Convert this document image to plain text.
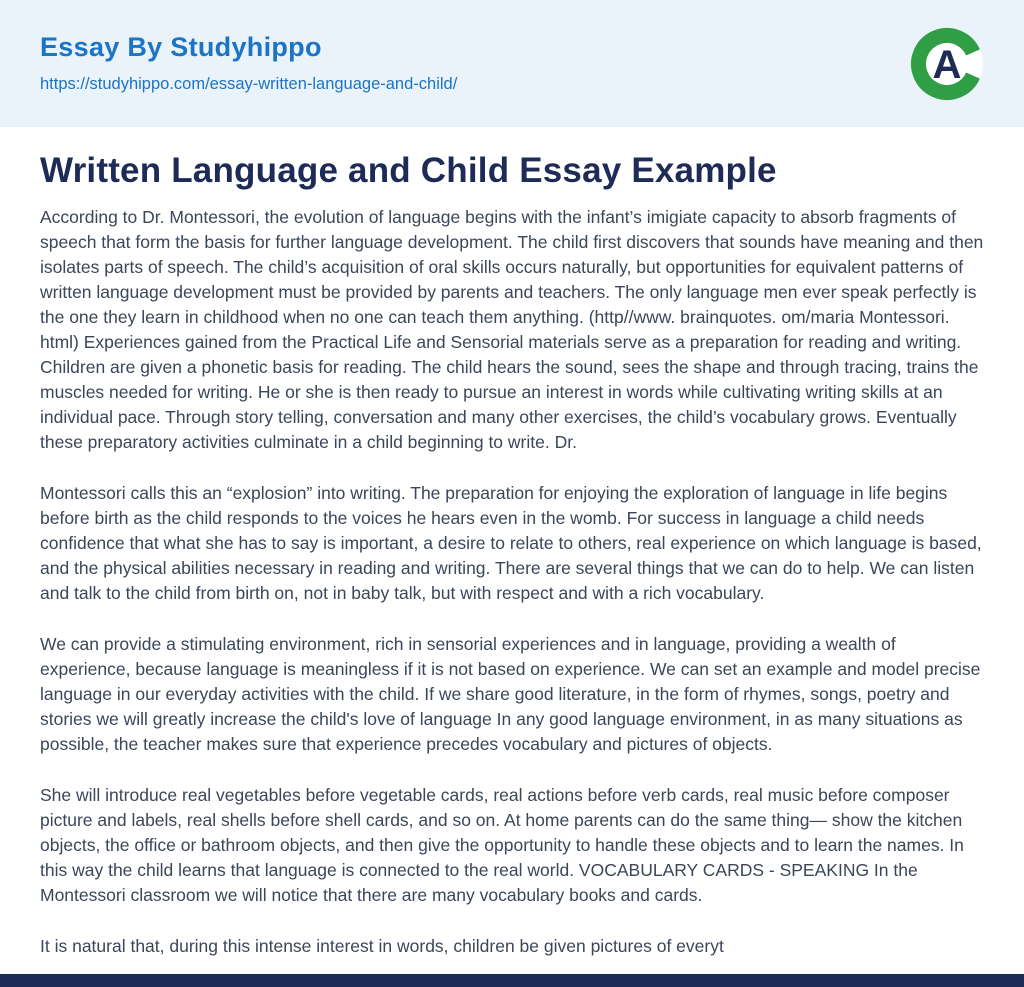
Essay By Studyhippo
https://studyhippo.com/essay-written-language-and-child/	A
Written Language and Child Essay Example

According to Dr. Montessori, the evolution of language begins with the infant’s imigiate capacity to absorb fragments of speech that form the basis for further language development. The child first discovers that sounds have meaning and then isolates parts of speech. The child’s acquisition of oral skills occurs naturally, but opportunities for equivalent patterns of written language development must be provided by parents and teachers. The only language men ever speak perfectly is the one they learn in childhood when no one can teach them anything. (http//www. brainquotes. om/maria Montessori. html) Experiences gained from the Practical Life and Sensorial materials serve as a preparation for reading and writing. Children are given a phonetic basis for reading. The child hears the sound, sees the shape and through tracing, trains the muscles needed for writing. He or she is then ready to pursue an interest in words while cultivating writing skills at an individual pace. Through story telling, conversation and many other exercises, the child’s vocabulary grows. Eventually these preparatory activities culminate in a child beginning to write. Dr.

Montessori calls this an “explosion” into writing. The preparation for enjoying the exploration of language in life begins before birth as the child responds to the voices he hears even in the womb. For success in language a child needs confidence that what she has to say is important, a desire to relate to others, real experience on which language is based, and the physical abilities necessary in reading and writing. There are several things that we can do to help. We can listen and talk to the child from birth on, not in baby talk, but with respect and with a rich vocabulary.

We can provide a stimulating environment, rich in sensorial experiences and in language, providing a wealth of experience, because language is meaningless if it is not based on experience. We can set an example and model precise language in our everyday activities with the child. If we share good literature, in the form of rhymes, songs, poetry and stories we will greatly increase the child's love of language In any good language environment, in as many situations as possible, the teacher makes sure that experience precedes vocabulary and pictures of objects.

She will introduce real vegetables before vegetable cards, real actions before verb cards, real music before composer picture and labels, real shells before shell cards, and so on. At home parents can do the same thing— show the kitchen objects, the office or bathroom objects, and then give the opportunity to handle these objects and to learn the names. In this way the child learns that language is connected to the real world. VOCABULARY CARDS - SPEAKING In the Montessori classroom we will notice that there are many vocabulary books and cards.

It is natural that, during this intense interest in words, children be given pictures of everyt
